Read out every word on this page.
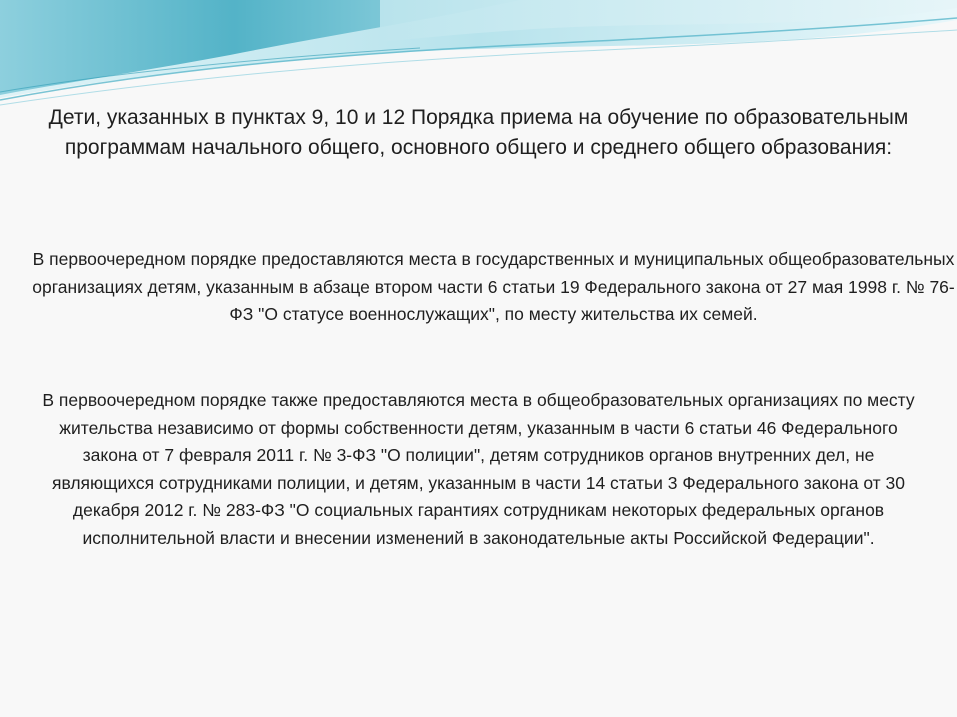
Дети, указанных в пунктах 9, 10 и 12 Порядка приема на обучение по образовательным программам начального общего, основного общего и среднего общего образования:

В первоочередном порядке предоставляются места в государственных и муниципальных общеобразовательных организациях детям, указанным в абзаце втором части 6 статьи 19 Федерального закона от 27 мая 1998 г. № 76-ФЗ "О статусе военнослужащих", по месту жительства их семей.

В первоочередном порядке также предоставляются места в общеобразовательных организациях по месту жительства независимо от формы собственности детям, указанным в части 6 статьи 46 Федерального закона от 7 февраля 2011 г. № 3-ФЗ "О полиции", детям сотрудников органов внутренних дел, не являющихся сотрудниками полиции, и детям, указанным в части 14 статьи 3 Федерального закона от 30 декабря 2012 г. № 283-ФЗ "О социальных гарантиях сотрудникам некоторых федеральных органов исполнительной власти и внесении изменений в законодательные акты Российской Федерации".
